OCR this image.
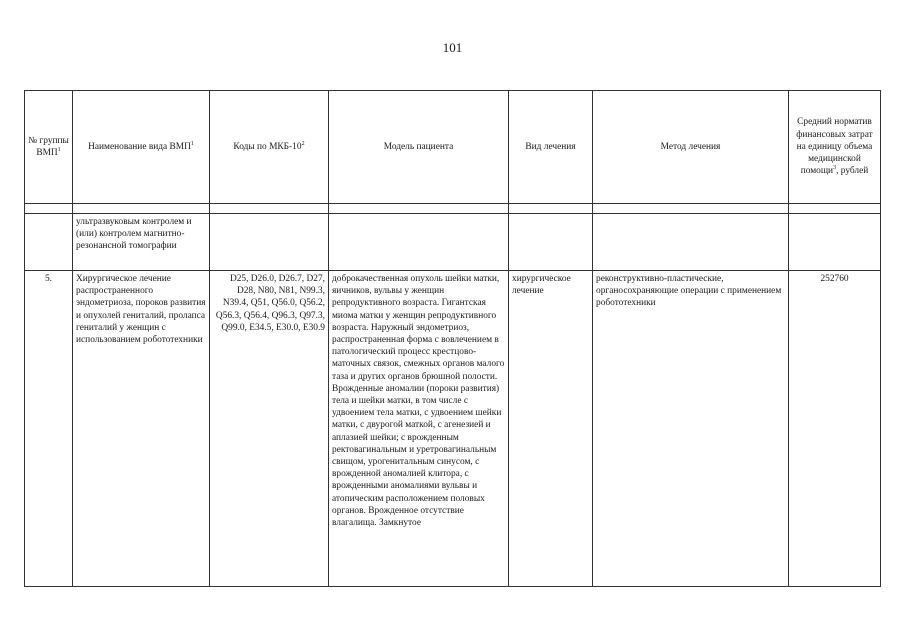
101
№ группы ВМП$^1$	Наименование вида ВМП$^1$	Коды по МКБ-$10^2$	Модель пациента	Вид лечения	Метод лечения	Средний норматив финансовых затрат на единицу объема медицинской помощи$^3$, рублей

	ультразвуковым контролем и (или) контролем магнитно-резонансной томографии					
5.	Хирургическое лечение распространенного эндометриоза, пороков развития и опухолей гениталий, пролапса гениталий у женщин с использованием робототехники	D25, D26.0, D26.7, D27, D28, N80, N81, N99.3, N39.4, Q51, Q56.0, Q56.2, Q56.3, Q56.4, Q96.3, Q97.3, Q99.0, E34.5, E30.0, E30.9	доброкачественная опухоль шейки матки, яичников, вульвы у женщин репродуктивного возраста. Гигантская миома матки у женщин репродуктивного возраста. Наружный эндометриоз, распространенная форма с вовлечением в патологический процесс крестцово-маточных связок, смежных органов малого таза и других органов брюшной полости. Врожденные аномалии (пороки развития) тела и шейки матки, в том числе с удвоением тела матки, с удвоением шейки матки, с двурогой маткой, с агенезией и аплазией шейки; с врожденным ректовагинальным и уретровагинальным свищом, урогенитальным синусом, с врожденной аномалией клитора, с врожденными аномалиями вульвы и атопическим расположением половых органов. Врожденное отсутствие влагалища. Замкнутое	хирургическое лечение	реконструктивно-пластические, органосохраняющие операции с применением робототехники	252760
